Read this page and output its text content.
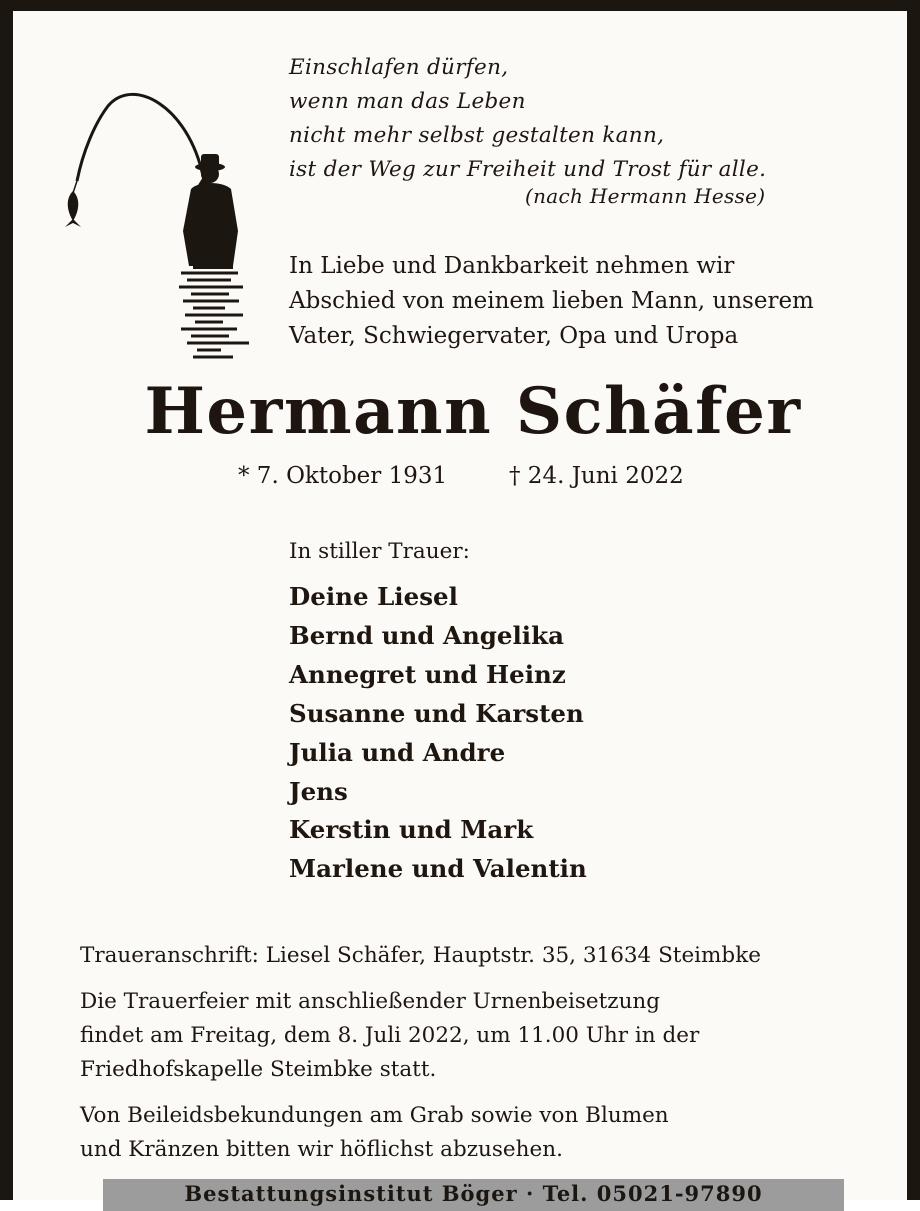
Einschlafen dürfen,
wenn man das Leben
nicht mehr selbst gestalten kann,
ist der Weg zur Freiheit und Trost für alle.
(nach Hermann Hesse)
In Liebe und Dankbarkeit nehmen wir
Abschied von meinem lieben Mann, unserem
Vater, Schwiegervater, Opa und Uropa
Hermann Schäfer
* 7. Oktober 1931	† 24. Juni 2022
In stiller Trauer:
Deine Liesel
Bernd und Angelika
Annegret und Heinz
Susanne und Karsten
Julia und Andre
Jens
Kerstin und Mark
Marlene und Valentin
Traueranschrift: Liesel Schäfer, Hauptstr. 35, 31634 Steimbke
Die Trauerfeier mit anschließender Urnenbeisetzung
findet am Freitag, dem 8. Juli 2022, um 11.00 Uhr in der
Friedhofskapelle Steimbke statt.
Von Beileidsbekundungen am Grab sowie von Blumen
und Kränzen bitten wir höflichst abzusehen.
Bestattungsinstitut Böger · Tel. 05021-97890
